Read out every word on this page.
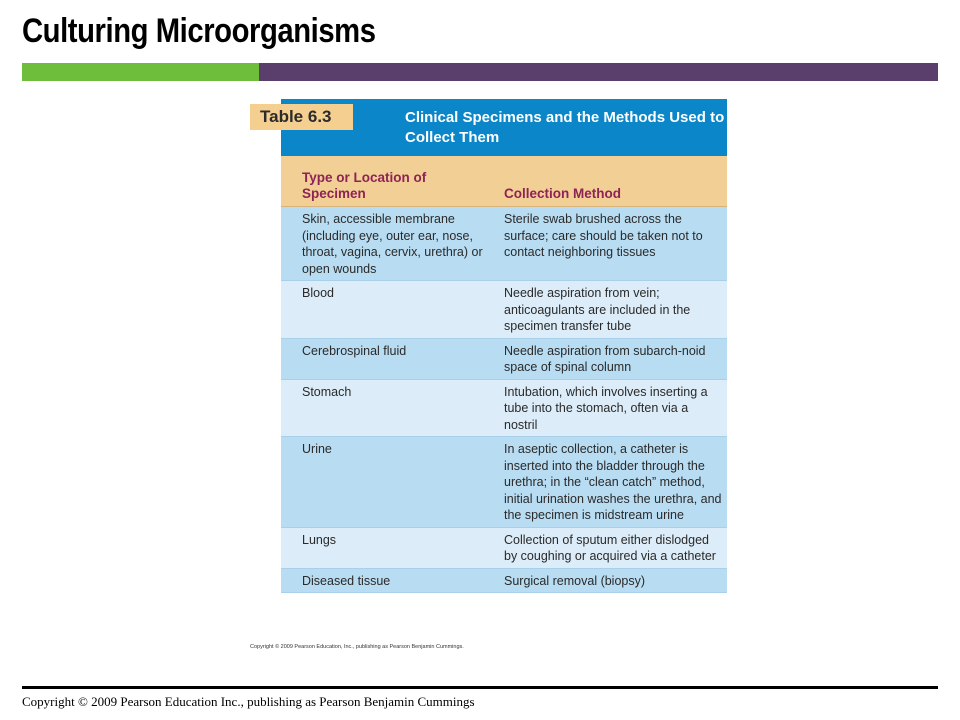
Culturing Microorganisms
Clinical Specimens and the Methods Used to Collect Them
Table 6.3
Type or Location of Specimen	Collection Method
Skin, accessible membrane (including eye, outer ear, nose, throat, vagina, cervix, urethra) or open wounds	Sterile swab brushed across the surface; care should be taken not to contact neighboring tissues
Blood	Needle aspiration from vein; anticoagulants are included in the specimen transfer tube
Cerebrospinal fluid	Needle aspiration from subarch-noid space of spinal column
Stomach	Intubation, which involves inserting a tube into the stomach, often via a nostril
Urine	In aseptic collection, a catheter is inserted into the bladder through the urethra; in the “clean catch” method, initial urination washes the urethra, and the specimen is midstream urine
Lungs	Collection of sputum either dislodged by coughing or acquired via a catheter
Diseased tissue	Surgical removal (biopsy)
Copyright © 2009 Pearson Education, Inc., publishing as Pearson Benjamin Cummings.
Copyright © 2009 Pearson Education Inc., publishing as Pearson Benjamin Cummings
